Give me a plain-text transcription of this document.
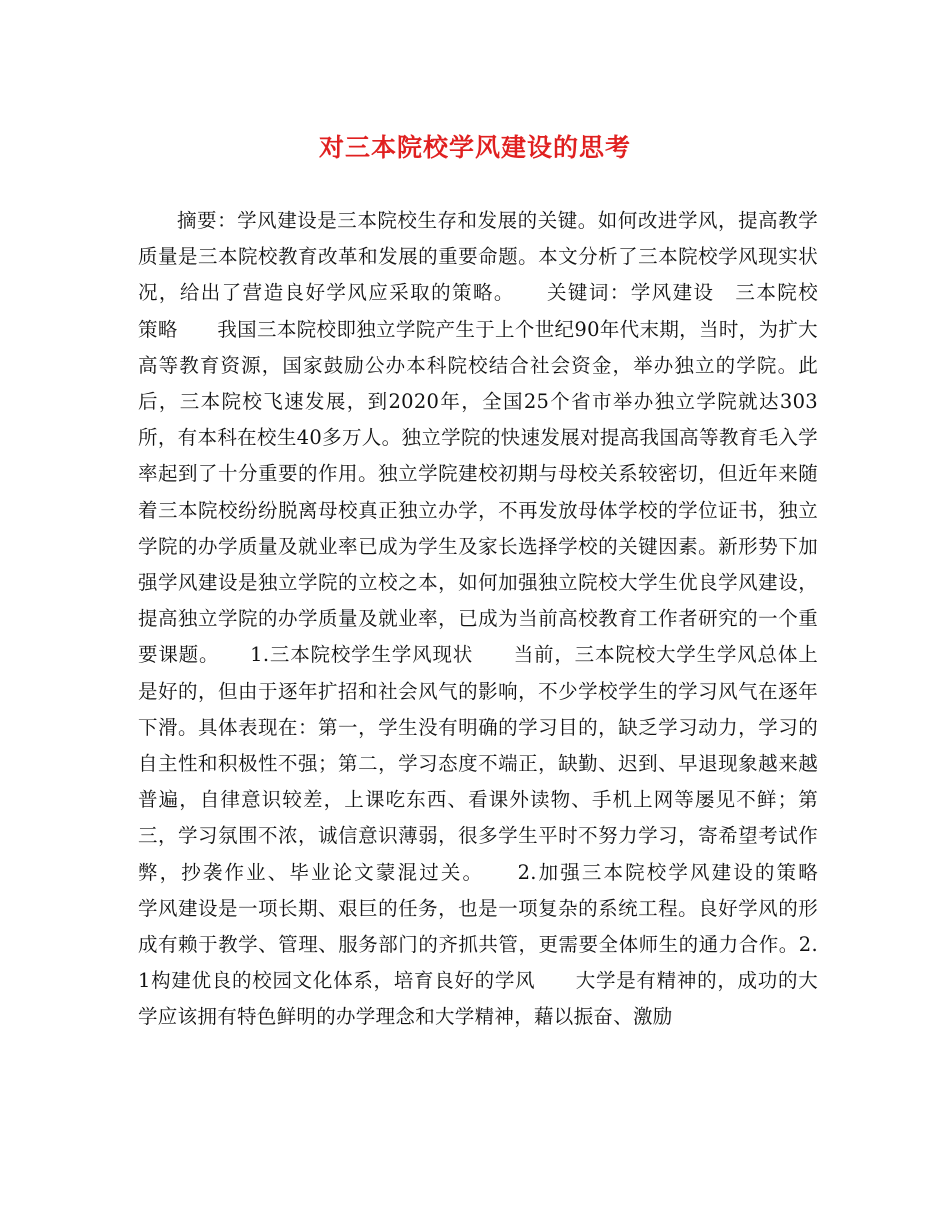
对三本院校学风建设的思考

摘要：学风建设是三本院校生存和发展的关键。如何改进学风，提高教学质量是三本院校教育改革和发展的重要命题。本文分析了三本院校学风现实状况，给出了营造良好学风应采取的策略。　　关键词：学风建设　三本院校　策略　　我国三本院校即独立学院产生于上个世纪90年代末期，当时，为扩大高等教育资源，国家鼓励公办本科院校结合社会资金，举办独立的学院。此后，三本院校飞速发展，到2020年，全国25个省市举办独立学院就达303所，有本科在校生40多万人。独立学院的快速发展对提高我国高等教育毛入学率起到了十分重要的作用。独立学院建校初期与母校关系较密切，但近年来随着三本院校纷纷脱离母校真正独立办学，不再发放母体学校的学位证书，独立学院的办学质量及就业率已成为学生及家长选择学校的关键因素。新形势下加强学风建设是独立学院的立校之本，如何加强独立院校大学生优良学风建设，提高独立学院的办学质量及就业率，已成为当前高校教育工作者研究的一个重要课题。　　1.三本院校学生学风现状　　当前，三本院校大学生学风总体上是好的，但由于逐年扩招和社会风气的影响，不少学校学生的学习风气在逐年下滑。具体表现在：第一，学生没有明确的学习目的，缺乏学习动力，学习的自主性和积极性不强；第二，学习态度不端正，缺勤、迟到、早退现象越来越普遍，自律意识较差，上课吃东西、看课外读物、手机上网等屡见不鲜；第三，学习氛围不浓，诚信意识薄弱，很多学生平时不努力学习，寄希望考试作弊，抄袭作业、毕业论文蒙混过关。　　2.加强三本院校学风建设的策略　　学风建设是一项长期、艰巨的任务，也是一项复杂的系统工程。良好学风的形成有赖于教学、管理、服务部门的齐抓共管，更需要全体师生的通力合作。2.1构建优良的校园文化体系，培育良好的学风　　大学是有精神的，成功的大学应该拥有特色鲜明的办学理念和大学精神，藉以振奋、激励
